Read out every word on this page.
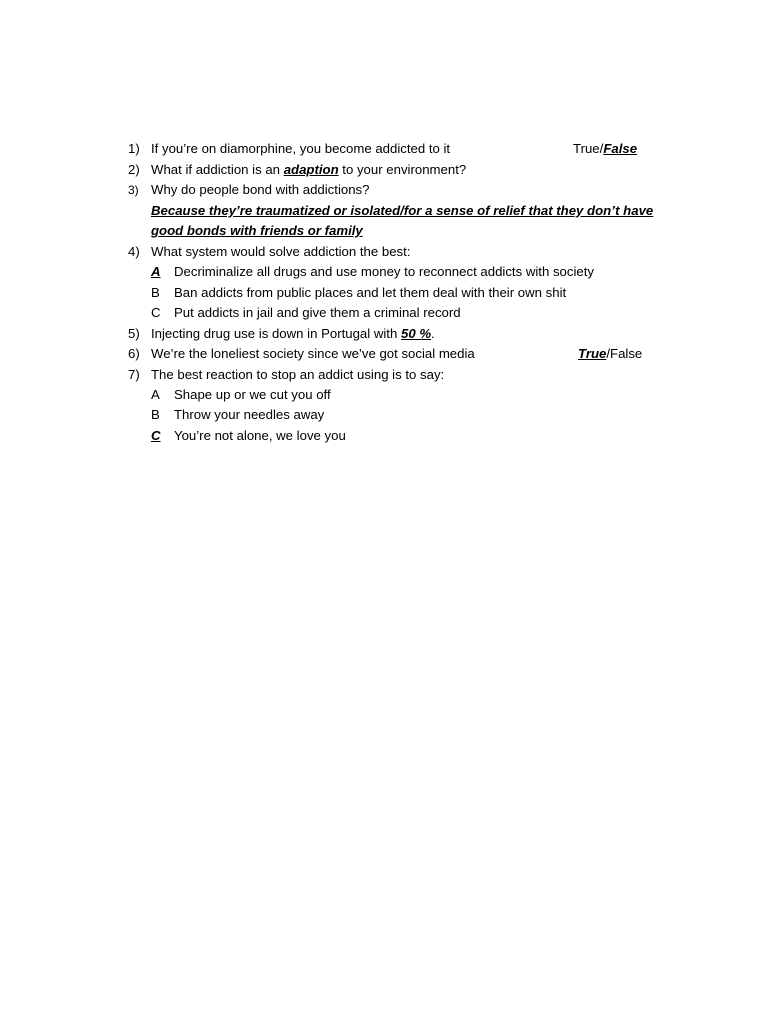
1) If you’re on diamorphine, you become addicted to it	True/False
2) What if addiction is an adaption to your environment?
3) Why do people bond with addictions?
Because they’re traumatized or isolated/for a sense of relief that they don’t have
good bonds with friends or family
4) What system would solve addiction the best:
A	Decriminalize all drugs and use money to reconnect addicts with society
B	Ban addicts from public places and let them deal with their own shit
C	Put addicts in jail and give them a criminal record
5) Injecting drug use is down in Portugal with 50 %.
6) We’re the loneliest society since we’ve got social media	True/False
7) The best reaction to stop an addict using is to say:
A	Shape up or we cut you off
B	Throw your needles away
C	You’re not alone, we love you
